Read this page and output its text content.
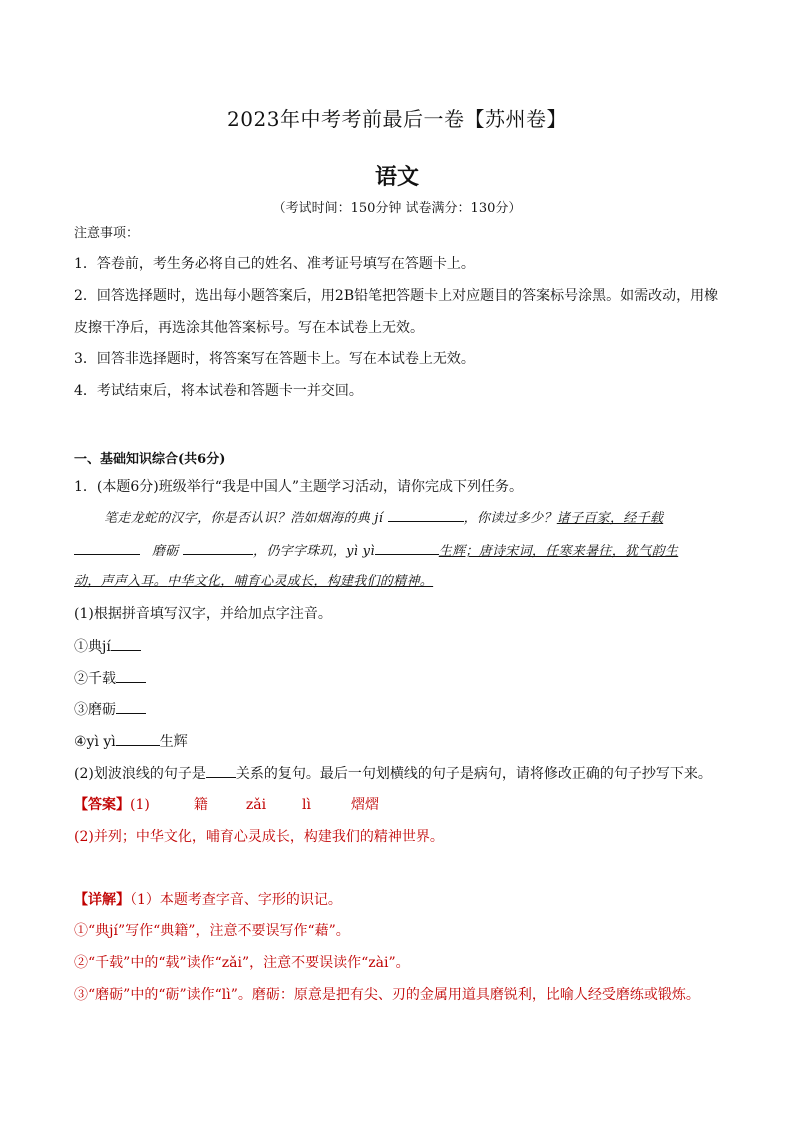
2023年中考考前最后一卷【苏州卷】
语文
（考试时间：150分钟 试卷满分：130分）
注意事项：
1．答卷前，考生务必将自己的姓名、准考证号填写在答题卡上。
2．回答选择题时，选出每小题答案后，用2B铅笔把答题卡上对应题目的答案标号涂黑。如需改动，用橡
皮擦干净后，再选涂其他答案标号。写在本试卷上无效。
3．回答非选择题时，将答案写在答题卡上。写在本试卷上无效。
4．考试结束后，将本试卷和答题卡一并交回。
一、基础知识综合(共6分)
1．(本题6分)班级举行“我是中国人”主题学习活动，请你完成下列任务。
笔走龙蛇的汉字，你是否认识？浩如烟海的典 jí	，你读过多少？诸子百家，经千载
磨砺	，仍字字珠玑，yì yì	生辉；唐诗宋词，任寒来暑往，犹气韵生
动，声声入耳。中华文化，哺育心灵成长，构建我们的精神。
(1)根据拼音填写汉字，并给加点字注音。
①典jí
②千载
③磨砺
④yì yì	生辉
(2)划波浪线的句子是 关系的复句。最后一句划横线的句子是病句，请将修改正确的句子抄写下来。
【答案】(1)	籍	zǎi	lì	熠熠
(2)并列；中华文化，哺育心灵成长，构建我们的精神世界。
【详解】（1）本题考查字音、字形的识记。
①“典jí”写作“典籍”，注意不要误写作“藉”。
②“千载”中的“载”读作“zǎi”，注意不要误读作“zài”。
③“磨砺”中的“砺”读作“lì”。磨砺：原意是把有尖、刃的金属用道具磨锐利，比喻人经受磨练或锻炼。
